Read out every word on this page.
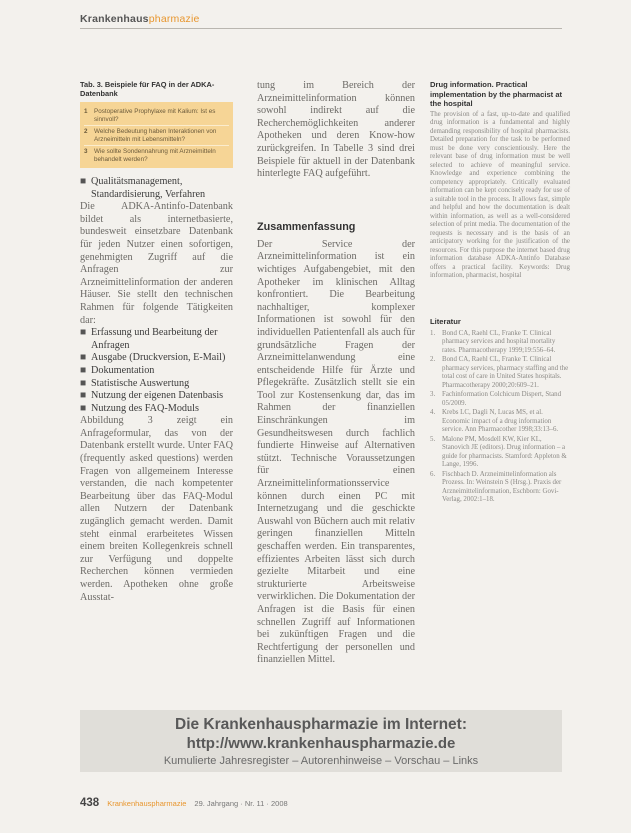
Krankenhauspharmazie
Tab. 3. Beispiele für FAQ in der ADKA-Datenbank
1	Postoperative Prophylaxe mit Kalium: Ist es sinnvoll?
2	Welche Bedeutung haben Interaktionen von Arzneimitteln mit Lebensmitteln?
3	Wie sollte Sondennahrung mit Arzneimitteln behandelt werden?
■ Qualitätsmanagement, Standardisierung, Verfahren

Die ADKA-Antinfo-Datenbank bildet als internetbasierte, bundesweit einsetzbare Datenbank für jeden Nutzer einen sofortigen, genehmigten Zugriff auf die Anfragen zur Arzneimittelinformation der anderen Häuser. Sie stellt den technischen Rahmen für folgende Tätigkeiten dar:

■ Erfassung und Bearbeitung der Anfragen
■ Ausgabe (Druckversion, E-Mail)
■ Dokumentation
■ Statistische Auswertung
■ Nutzung der eigenen Datenbasis
■ Nutzung des FAQ-Moduls

Abbildung 3 zeigt ein Anfrageformular, das von der Datenbank erstellt wurde. Unter FAQ (frequently asked questions) werden Fragen von allgemeinem Interesse verstanden, die nach kompetenter Bearbeitung über das FAQ-Modul allen Nutzern der Datenbank zugänglich gemacht werden. Damit steht einmal erarbeitetes Wissen einem breiten Kollegenkreis schnell zur Verfügung und doppelte Recherchen können vermieden werden. Apotheken ohne große Ausstat-

tung im Bereich der Arzneimittelinformation können sowohl indirekt auf die Recherchemöglichkeiten anderer Apotheken und deren Know-how zurückgreifen. In Tabelle 3 sind drei Beispiele für aktuell in der Datenbank hinterlegte FAQ aufgeführt.

Zusammenfassung

Der Service der Arzneimittelinformation ist ein wichtiges Aufgabengebiet, mit den Apotheker im klinischen Alltag konfrontiert. Die Bearbeitung nachhaltiger, komplexer Informationen ist sowohl für den individuellen Patientenfall als auch für grundsätzliche Fragen der Arzneimittelanwendung eine entscheidende Hilfe für Ärzte und Pflegekräfte. Zusätzlich stellt sie ein Tool zur Kostensenkung dar, das im Rahmen der finanziellen Einschränkungen im Gesundheitswesen durch fachlich fundierte Hinweise auf Alternativen stützt. Technische Voraussetzungen für einen Arzneimittelinformationsservice können durch einen PC mit Internetzugang und die geschickte Auswahl von Büchern auch mit relativ geringen finanziellen Mitteln geschaffen werden. Ein transparentes, effizientes Arbeiten lässt sich durch gezielte Mitarbeit und eine strukturierte Arbeitsweise verwirklichen. Die Dokumentation der Anfragen ist die Basis für einen schnellen Zugriff auf Informationen bei zukünftigen Fragen und die Rechtfertigung der personellen und finanziellen Mittel.

Drug information. Practical implementation by the pharmacist at the hospital

The provision of a fast, up-to-date and qualified drug information is a fundamental and highly demanding responsibility of hospital pharmacists. Detailed preparation for the task to be performed must be done very conscientiously. Here the relevant base of drug information must be well selected to achieve of meaningful service. Knowledge and experience combining the competency appropriately. Critically evaluated information can be kept concisely ready for use of a suitable tool in the process. It allows fast, simple and helpful and how the documentation is dealt within information, as well as a well-considered selection of print media. The documentation of the requests is necessary and is the basis of an anticipatory working for the justification of the resources. For this purpose the internet based drug information database ADKA-Antinfo Database offers a practical facility. Keywords: Drug information, pharmacist, hospital

Literatur
1. Bond CA, Raehl CL, Franke T. Clinical pharmacy services and hospital mortality rates. Pharmacotherapy 1999;19:556–64.
2. Bond CA, Raehl CL, Franke T. Clinical pharmacy services, pharmacy staffing and the total cost of care in United States hospitals. Pharmacotherapy 2000;20:609–21.
3. Fachinformation Colchicum Dispert, Stand 05/2009.
4. Krebs LC, Dagli N, Lucas MS, et al. Economic impact of a drug information service. Ann Pharmacother 1998;33:13–6.
5. Malone PM, Mosdell KW, Kier KL, Stanovich JE (editors). Drug information – a guide for pharmacists. Stamford: Appleton & Lange, 1996.
6. Fischbach D. Arzneimittelinformation als Prozess. In: Weinstein S (Hrsg.). Praxis der Arzneimittelinformation, Eschborn: Govi-Verlag, 2002:1–18.
Die Krankenhauspharmazie im Internet:
http://www.krankenhauspharmazie.de
Kumulierte Jahresregister – Autorenhinweise – Vorschau – Links
438 Krankenhauspharmazie 29. Jahrgang · Nr. 11 · 2008
